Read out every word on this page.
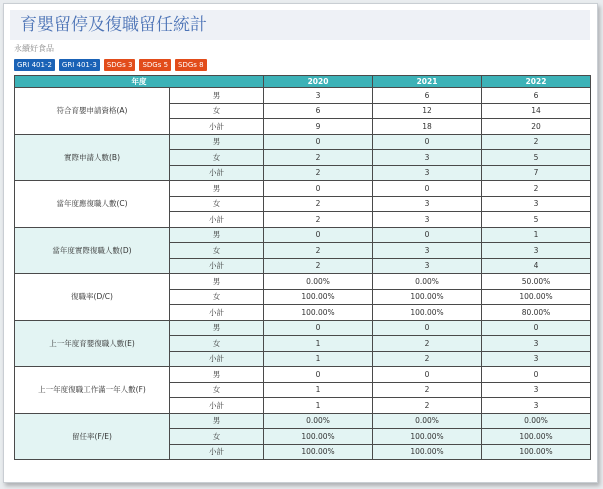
育嬰留停及復職留任統計
永續好食品
GRI 401-2	GRI 401-3	SDGs 3	SDGs 5	SDGs 8
年度		2020	2021	2022
符合育嬰申請資格(A)	男	3	6	6
	女	6	12	14
	小計	9	18	20
實際申請人數(B)	男	0	0	2
	女	2	3	5
	小計	2	3	7
當年度應復職人數(C)	男	0	0	2
	女	2	3	3
	小計	2	3	5
當年度實際復職人數(D)	男	0	0	1
	女	2	3	3
	小計	2	3	4
復職率(D/C)	男	0.00%	0.00%	50.00%
	女	100.00%	100.00%	100.00%
	小計	100.00%	100.00%	80.00%
上一年度育嬰復職人數(E)	男	0	0	0
	女	1	2	3
	小計	1	2	3
上一年度復職工作滿一年人數(F)	男	0	0	0
	女	1	2	3
	小計	1	2	3
留任率(F/E)	男	0.00%	0.00%	0.00%
	女	100.00%	100.00%	100.00%
	小計	100.00%	100.00%	100.00%
